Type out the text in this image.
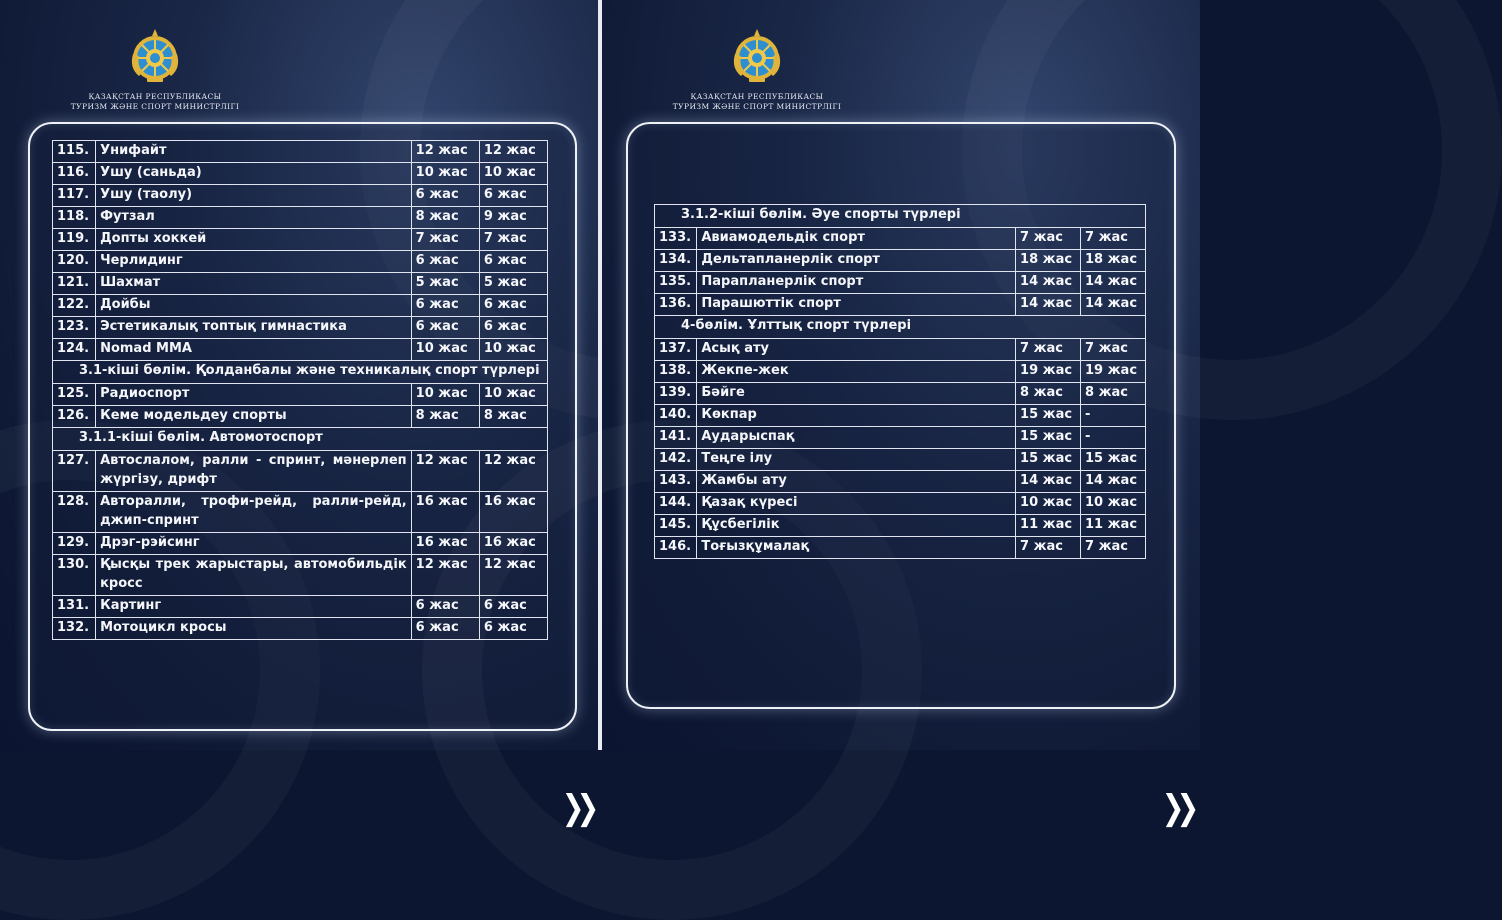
ҚАЗАҚСТАН РЕСПУБЛИКАСЫ
ТУРИЗМ ЖӘНЕ СПОРТ МИНИСТРЛІГІ
115.	Унифайт	12 жас	12 жас
116.	Ушу (саньда)	10 жас	10 жас
117.	Ушу (таолу)	6 жас	6 жас
118.	Футзал	8 жас	9 жас
119.	Допты хоккей	7 жас	7 жас
120.	Черлидинг	6 жас	6 жас
121.	Шахмат	5 жас	5 жас
122.	Дойбы	6 жас	6 жас
123.	Эстетикалық топтық гимнастика	6 жас	6 жас
124.	Nomad MMA	10 жас	10 жас
3.1-кіші бөлім. Қолданбалы және техникалық спорт түрлері			
125.	Радиоспорт	10 жас	10 жас
126.	Кеме модельдеу спорты	8 жас	8 жас
3.1.1-кіші бөлім. Автомотоспорт			
127.	Автослалом, ралли - спринт, мәнерлеп жүргізу, дрифт	12 жас	12 жас
128.	Авторалли, трофи-рейд, ралли-рейд, джип-спринт	16 жас	16 жас
129.	Дрэг-рэйсинг	16 жас	16 жас
130.	Қысқы трек жарыстары, автомобильдік кросс	12 жас	12 жас
131.	Картинг	6 жас	6 жас
132.	Мотоцикл кросы	6 жас	6 жас
❯❯
ҚАЗАҚСТАН РЕСПУБЛИКАСЫ
ТУРИЗМ ЖӘНЕ СПОРТ МИНИСТРЛІГІ
3.1.2-кіші бөлім. Әуе спорты түрлері			
133.	Авиамодельдік спорт	7 жас	7 жас
134.	Дельтапланерлік спорт	18 жас	18 жас
135.	Парапланерлік спорт	14 жас	14 жас
136.	Парашюттік спорт	14 жас	14 жас
4-бөлім. Ұлттық спорт түрлері			
137.	Асық ату	7 жас	7 жас
138.	Жекпе-жек	19 жас	19 жас
139.	Бәйге	8 жас	8 жас
140.	Көкпар	15 жас	-
141.	Аударыспақ	15 жас	-
142.	Теңге ілу	15 жас	15 жас
143.	Жамбы ату	14 жас	14 жас
144.	Қазақ күресі	10 жас	10 жас
145.	Құсбегілік	11 жас	11 жас
146.	Тоғызқұмалақ	7 жас	7 жас
❯❯
